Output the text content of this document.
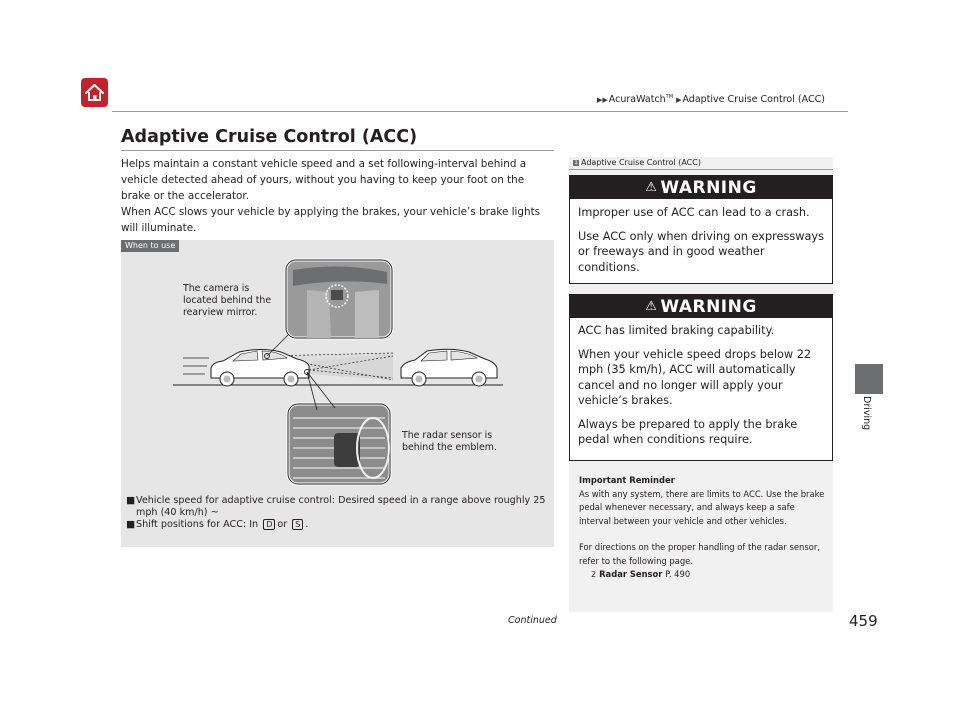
▶▶AcuraWatch™ ▶Adaptive Cruise Control (ACC)
Driving
Adaptive Cruise Control (ACC)

Helps maintain a constant vehicle speed and a set following-interval behind a vehicle detected ahead of yours, without you having to keep your foot on the brake or the accelerator.

When ACC slows your vehicle by applying the brakes, your vehicle’s brake lights will illuminate.

When to use
The camera is
located behind the
rearview mirror.
The radar sensor is
behind the emblem.
■ Vehicle speed for adaptive cruise control: Desired speed in a range above roughly 25 mph (40 km/h) ~
■ Shift positions for ACC: In D or S .
1 Adaptive Cruise Control (ACC)
⚠ WARNING

Improper use of ACC can lead to a crash.

Use ACC only when driving on expressways or freeways and in good weather conditions.

⚠ WARNING

ACC has limited braking capability.

When your vehicle speed drops below 22 mph (35 km/h), ACC will automatically cancel and no longer will apply your vehicle’s brakes.

Always be prepared to apply the brake pedal when conditions require.

Important Reminder

As with any system, there are limits to ACC. Use the brake pedal whenever necessary, and always keep a safe interval between your vehicle and other vehicles.

For directions on the proper handling of the radar sensor, refer to the following page.

2 Radar Sensor P. 490

Continued	459
